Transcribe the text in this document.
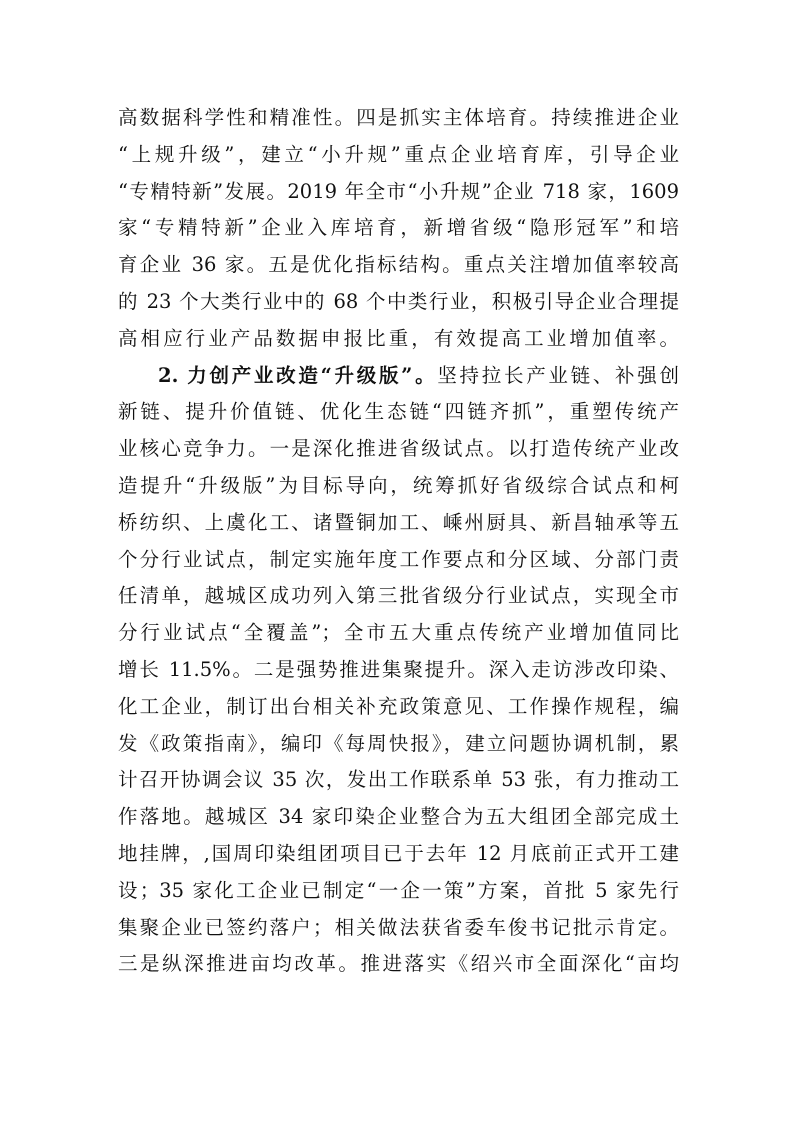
高数据科学性和精准性。四是抓实主体培育。持续推进企业
“上规升级”，建立“小升规”重点企业培育库，引导企业
“专精特新”发展。2019 年全市“小升规”企业 718 家，1609
家“专精特新”企业入库培育，新增省级“隐形冠军”和培
育企业 36 家。五是优化指标结构。重点关注增加值率较高
的 23 个大类行业中的 68 个中类行业，积极引导企业合理提
高相应行业产品数据申报比重，有效提高工业增加值率。
2. 力创产业改造“升级版”。坚持拉长产业链、补强创
新链、提升价值链、优化生态链“四链齐抓”，重塑传统产
业核心竞争力。一是深化推进省级试点。以打造传统产业改
造提升“升级版”为目标导向，统筹抓好省级综合试点和柯
桥纺织、上虞化工、诸暨铜加工、嵊州厨具、新昌轴承等五
个分行业试点，制定实施年度工作要点和分区域、分部门责
任清单，越城区成功列入第三批省级分行业试点，实现全市
分行业试点“全覆盖”；全市五大重点传统产业增加值同比
增长 11.5%。二是强势推进集聚提升。深入走访涉改印染、
化工企业，制订出台相关补充政策意见、工作操作规程，编
发《政策指南》，编印《每周快报》，建立问题协调机制，累
计召开协调会议 35 次，发出工作联系单 53 张，有力推动工
作落地。越城区 34 家印染企业整合为五大组团全部完成土
地挂牌，,国周印染组团项目已于去年 12 月底前正式开工建
设；35 家化工企业已制定“一企一策”方案，首批 5 家先行
集聚企业已签约落户；相关做法获省委车俊书记批示肯定。
三是纵深推进亩均改革。推进落实《绍兴市全面深化“亩均
